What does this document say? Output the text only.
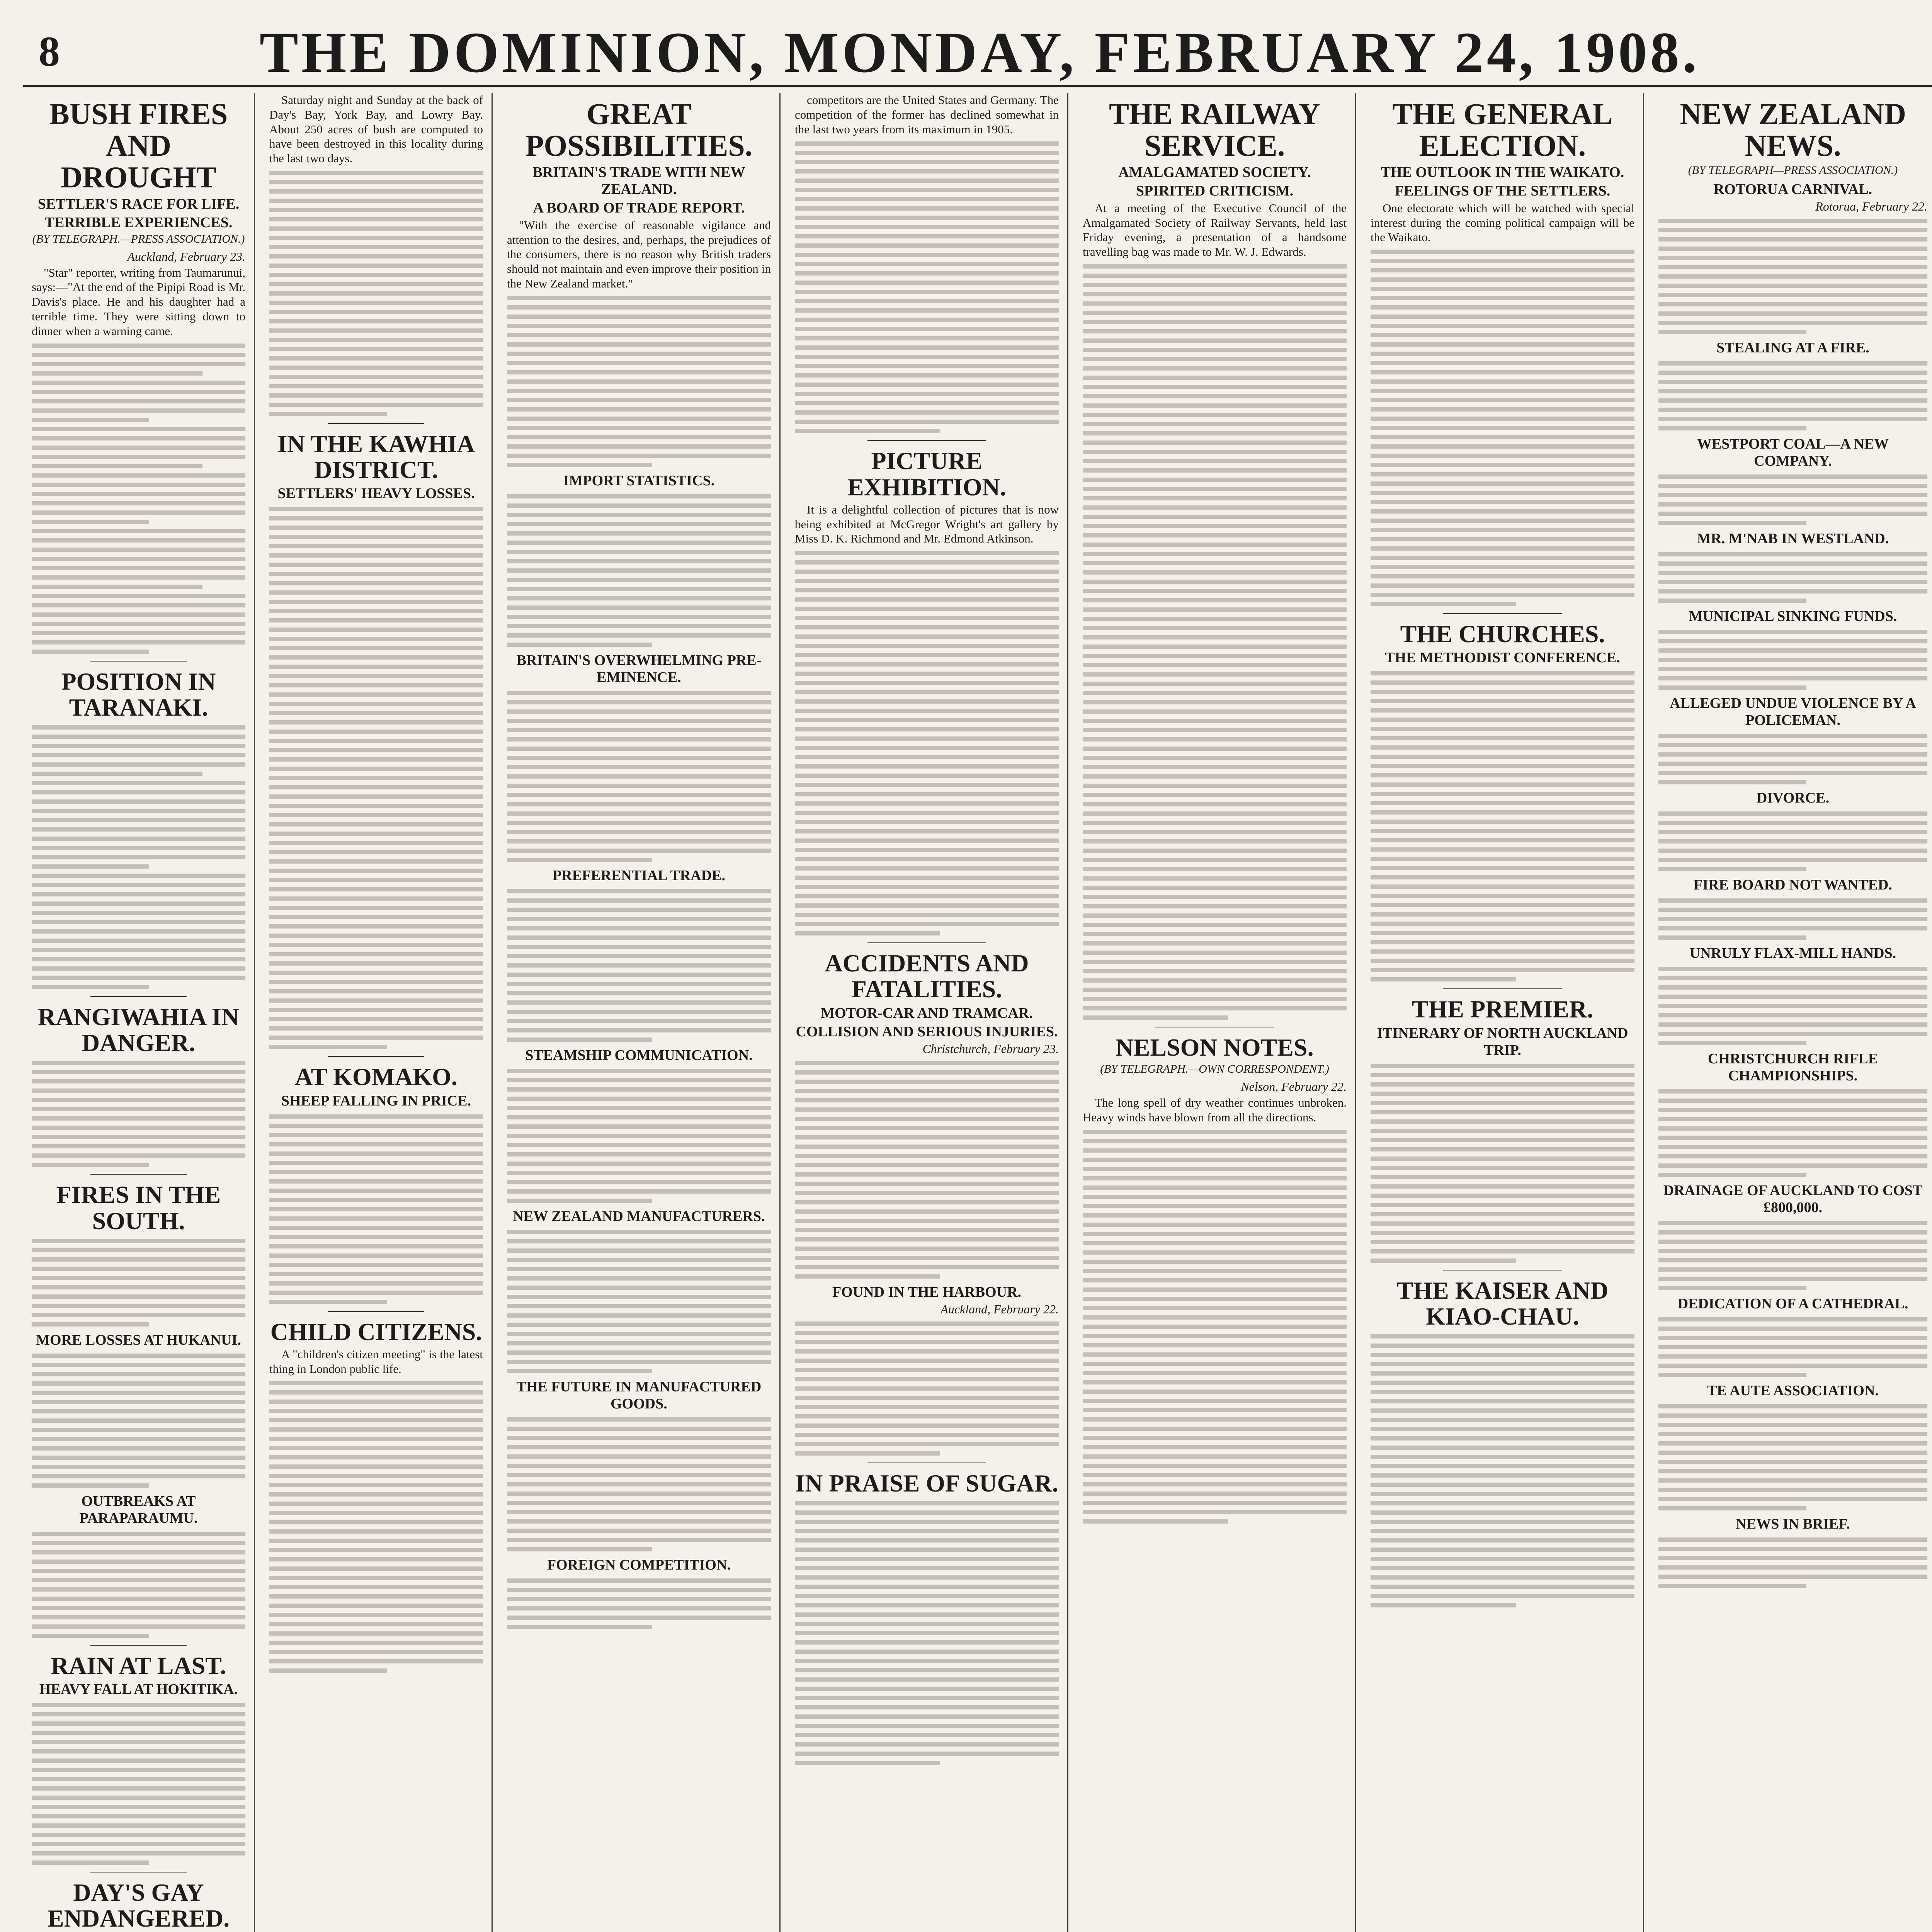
8	THE DOMINION, MONDAY, FEBRUARY 24, 1908.
BUSH FIRES AND DROUGHT
SETTLER'S RACE FOR LIFE.
TERRIBLE EXPERIENCES.
(BY TELEGRAPH.—PRESS ASSOCIATION.)
Auckland, February 23.

"Star" reporter, writing from Taumarunui, says:—"At the end of the Pipipi Road is Mr. Davis's place. He and his daughter had a terrible time. They were sitting down to dinner when a warning came.

POSITION IN TARANAKI.
RANGIWAHIA IN DANGER.
FIRES IN THE SOUTH.
MORE LOSSES AT HUKANUI.
OUTBREAKS AT PARAPARAUMU.
RAIN AT LAST.
HEAVY FALL AT HOKITIKA.
DAY'S GAY ENDANGERED.

Saturday night and Sunday at the back of Day's Bay, York Bay, and Lowry Bay. About 250 acres of bush are computed to have been destroyed in this locality during the last two days.

IN THE KAWHIA DISTRICT.
SETTLERS' HEAVY LOSSES.
AT KOMAKO.
SHEEP FALLING IN PRICE.
CHILD CITIZENS.

A "children's citizen meeting" is the latest thing in London public life.

GREAT POSSIBILITIES.
BRITAIN'S TRADE WITH NEW ZEALAND.
A BOARD OF TRADE REPORT.

"With the exercise of reasonable vigilance and attention to the desires, and, perhaps, the prejudices of the consumers, there is no reason why British traders should not maintain and even improve their position in the New Zealand market."

IMPORT STATISTICS.
BRITAIN'S OVERWHELMING PRE-EMINENCE.
PREFERENTIAL TRADE.
STEAMSHIP COMMUNICATION.
NEW ZEALAND MANUFACTURERS.
THE FUTURE IN MANUFACTURED GOODS.
FOREIGN COMPETITION.

competitors are the United States and Germany. The competition of the former has declined somewhat in the last two years from its maximum in 1905.

PICTURE EXHIBITION.

It is a delightful collection of pictures that is now being exhibited at McGregor Wright's art gallery by Miss D. K. Richmond and Mr. Edmond Atkinson.

ACCIDENTS AND FATALITIES.
MOTOR-CAR AND TRAMCAR.
COLLISION AND SERIOUS INJURIES.
Christchurch, February 23.
FOUND IN THE HARBOUR.
Auckland, February 22.
IN PRAISE OF SUGAR.
THE RAILWAY SERVICE.
AMALGAMATED SOCIETY.
SPIRITED CRITICISM.

At a meeting of the Executive Council of the Amalgamated Society of Railway Servants, held last Friday evening, a presentation of a handsome travelling bag was made to Mr. W. J. Edwards.

NELSON NOTES.
(BY TELEGRAPH.—OWN CORRESPONDENT.)
Nelson, February 22.

The long spell of dry weather continues unbroken. Heavy winds have blown from all the directions.

THE GENERAL ELECTION.
THE OUTLOOK IN THE WAIKATO.
FEELINGS OF THE SETTLERS.

One electorate which will be watched with special interest during the coming political campaign will be the Waikato.

THE CHURCHES.
THE METHODIST CONFERENCE.
THE PREMIER.
ITINERARY OF NORTH AUCKLAND TRIP.
THE KAISER AND KIAO-CHAU.
NEW ZEALAND NEWS.
(BY TELEGRAPH—PRESS ASSOCIATION.)
ROTORUA CARNIVAL.
Rotorua, February 22.
STEALING AT A FIRE.
WESTPORT COAL—A NEW COMPANY.
MR. M'NAB IN WESTLAND.
MUNICIPAL SINKING FUNDS.
ALLEGED UNDUE VIOLENCE BY A POLICEMAN.
DIVORCE.
FIRE BOARD NOT WANTED.
UNRULY FLAX-MILL HANDS.
CHRISTCHURCH RIFLE CHAMPIONSHIPS.
DRAINAGE OF AUCKLAND TO COST £800,000.
DEDICATION OF A CATHEDRAL.
TE AUTE ASSOCIATION.
NEWS IN BRIEF.
